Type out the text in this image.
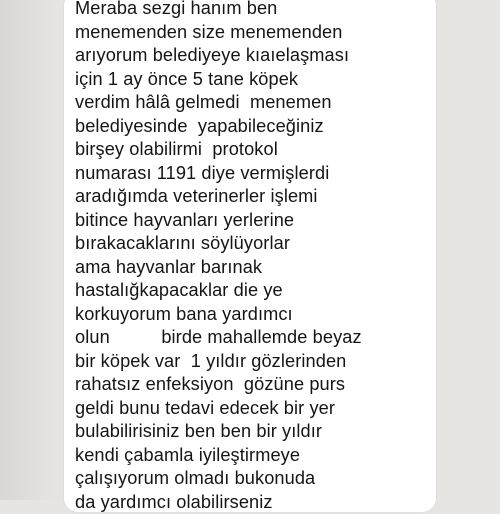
Meraba sezgi hanım ben
menemenden size menemenden
arıyorum belediyeye kıaıelaşması
için 1 ay önce 5 tane köpek
verdim hâlâ gelmedi  menemen
belediyesinde  yapabileceğiniz
birşey olabilirmi  protokol
numarası 1191 diye vermişlerdi
aradığımda veterinerler işlemi
bitince hayvanları yerlerine
bırakacaklarını söylüyorlar
ama hayvanlar barınak
hastalığkapacaklar die ye
korkuyorum bana yardımcı
olun          birde mahallemde beyaz
bir köpek var  1 yıldır gözlerinden
rahatsız enfeksiyon  gözüne purs
geldi bunu tedavi edecek bir yer
bulabilirisiniz ben ben bir yıldır
kendi çabamla iyileştirmeye
çalışıyorum olmadı bukonuda
da yardımcı olabilirseniz
